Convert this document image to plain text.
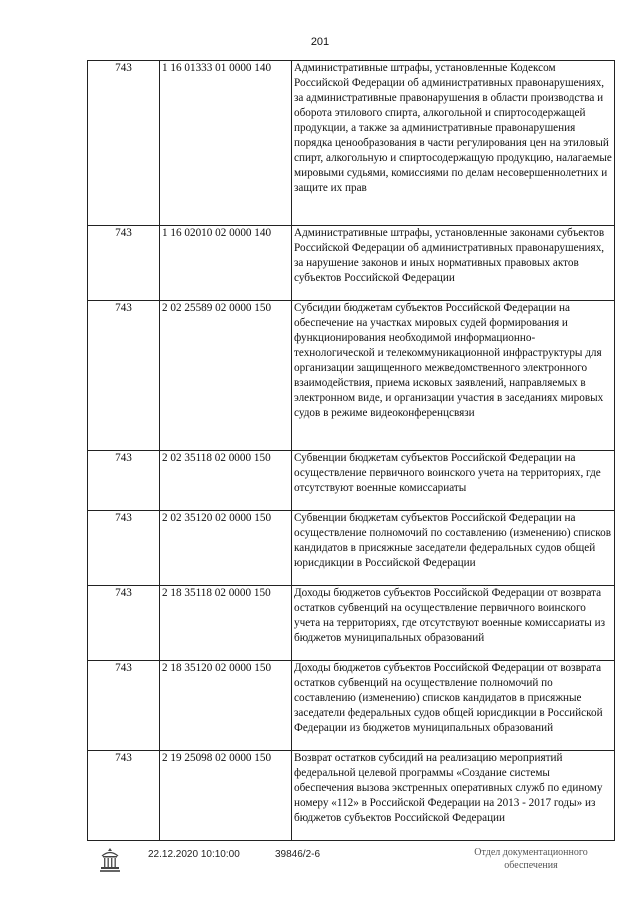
201
743	1 16 01333 01 0000 140	Административные штрафы, установленные Кодексом Российской Федерации об административных правонарушениях, за административные правонарушения в области производства и оборота этилового спирта, алкогольной и спиртосодержащей продукции, а также за административные правонарушения порядка ценообразования в части регулирования цен на этиловый спирт, алкогольную и спиртосодержащую продукцию, налагаемые мировыми судьями, комиссиями по делам несовершеннолетних и защите их прав
743	1 16 02010 02 0000 140	Административные штрафы, установленные законами субъектов Российской Федерации об административных правонарушениях, за нарушение законов и иных нормативных правовых актов субъектов Российской Федерации
743	2 02 25589 02 0000 150	Субсидии бюджетам субъектов Российской Федерации на обеспечение на участках мировых судей формирования и функционирования необходимой информационно-технологической и телекоммуникационной инфраструктуры для организации защищенного межведомственного электронного взаимодействия, приема исковых заявлений, направляемых в электронном виде, и организации участия в заседаниях мировых судов в режиме видеоконференцсвязи
743	2 02 35118 02 0000 150	Субвенции бюджетам субъектов Российской Федерации на осуществление первичного воинского учета на территориях, где отсутствуют военные комиссариаты
743	2 02 35120 02 0000 150	Субвенции бюджетам субъектов Российской Федерации на осуществление полномочий по составлению (изменению) списков кандидатов в присяжные заседатели федеральных судов общей юрисдикции в Российской Федерации
743	2 18 35118 02 0000 150	Доходы бюджетов субъектов Российской Федерации от возврата остатков субвенций на осуществление первичного воинского учета на территориях, где отсутствуют военные комиссариаты из бюджетов муниципальных образований
743	2 18 35120 02 0000 150	Доходы бюджетов субъектов Российской Федерации от возврата остатков субвенций на осуществление полномочий по составлению (изменению) списков кандидатов в присяжные заседатели федеральных судов общей юрисдикции в Российской Федерации из бюджетов муниципальных образований
743	2 19 25098 02 0000 150	Возврат остатков субсидий на реализацию мероприятий федеральной целевой программы «Создание системы обеспечения вызова экстренных оперативных служб по единому номеру «112» в Российской Федерации на 2013 - 2017 годы» из бюджетов субъектов Российской Федерации
22.12.2020 10:10:00	39846/2-6	Отдел документационного
обеспечения
